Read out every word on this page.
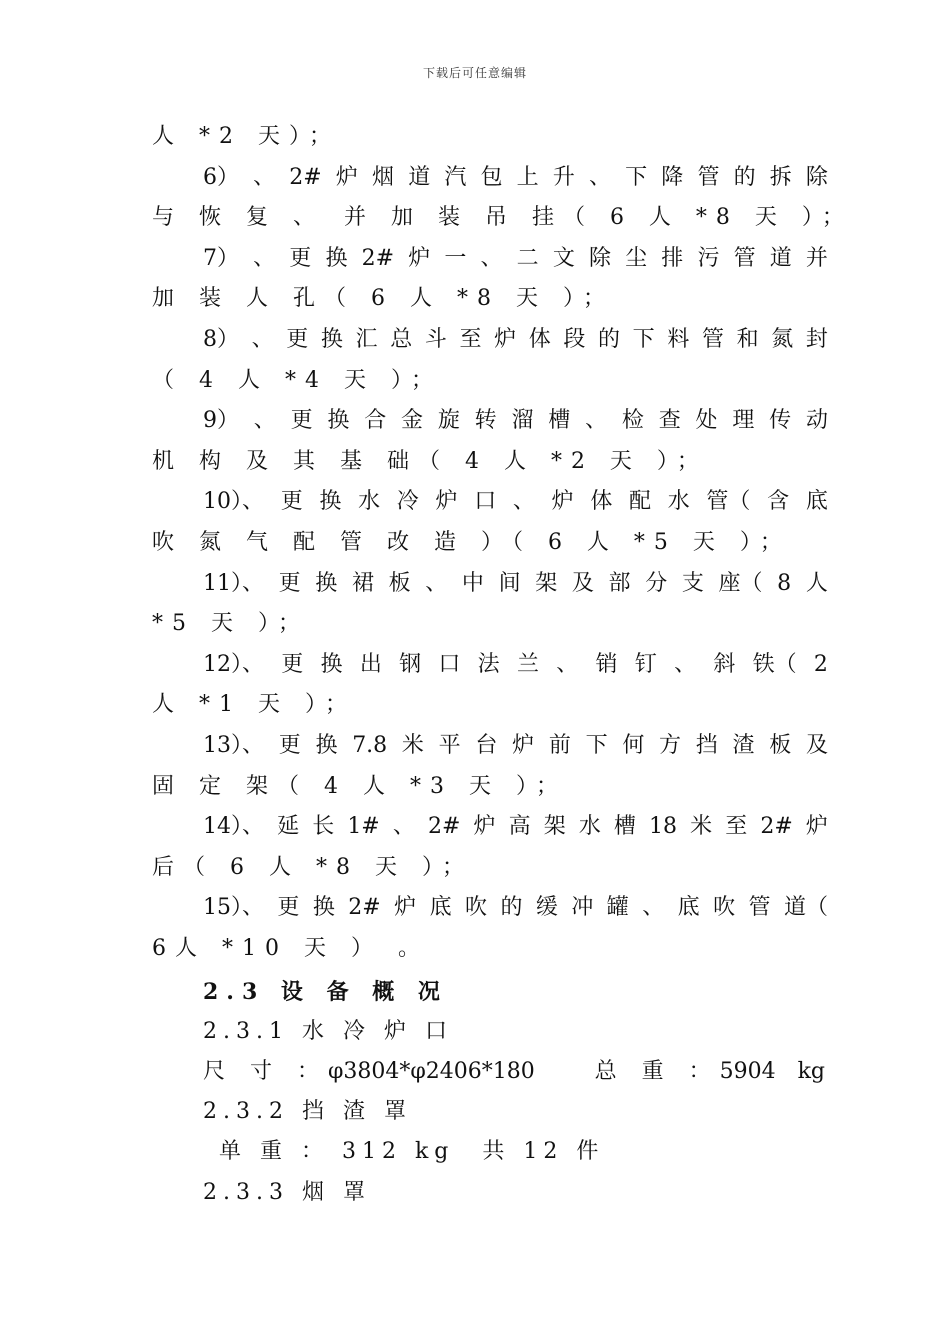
下载后可任意编辑
人 *2 天）；
6） 、 2# 炉 烟 道 汽 包 上 升 、 下 降 管 的 拆 除
与 恢 复 、　并 加 装 吊 挂（ 6 人 *8 天 ）；
7） 、 更 换 2# 炉 一 、 二 文 除 尘 排 污 管 道 并
加 装 人 孔（ 6 人 *8 天 ）；
8） 、 更 换 汇 总 斗 至 炉 体 段 的 下 料 管 和 氮 封
（ 4 人 *4 天 ）；
9） 、 更 换 合 金 旋 转 溜 槽 、 检 查 处 理 传 动
机 构 及 其 基 础（ 4 人 *2 天 ）；
10）、 更 换 水 冷 炉 口 、 炉 体 配 水 管（ 含 底
吹 氮 气 配 管 改 造 ）（ 6 人 *5 天 ）；
11）、 更 换 裙 板 、 中 间 架 及 部 分 支 座（ 8 人
*5 天 ）；
12）、 更 换 出 钢 口 法 兰 、 销 钉 、 斜 铁（ 2
人 *1 天 ）；
13）、 更 换 7.8 米 平 台 炉 前 下 何 方 挡 渣 板 及
固 定 架（ 4 人 *3 天 ）；
14）、 延 长 1# 、 2# 炉 高 架 水 槽 18 米 至 2# 炉
后（ 6 人 *8 天 ）；
15）、 更 换 2# 炉 底 吹 的 缓 冲 罐 、 底 吹 管 道（
6人 *10 天 ） 。
2.3 设 备 概 况
2.3.1 水 冷 炉 口
尺 寸 ： φ3804*φ2406*180	总 重 ： 5904　kg
2.3.2 挡 渣 罩
单 重 ： 312 kg　共 12 件
2.3.3 烟 罩
